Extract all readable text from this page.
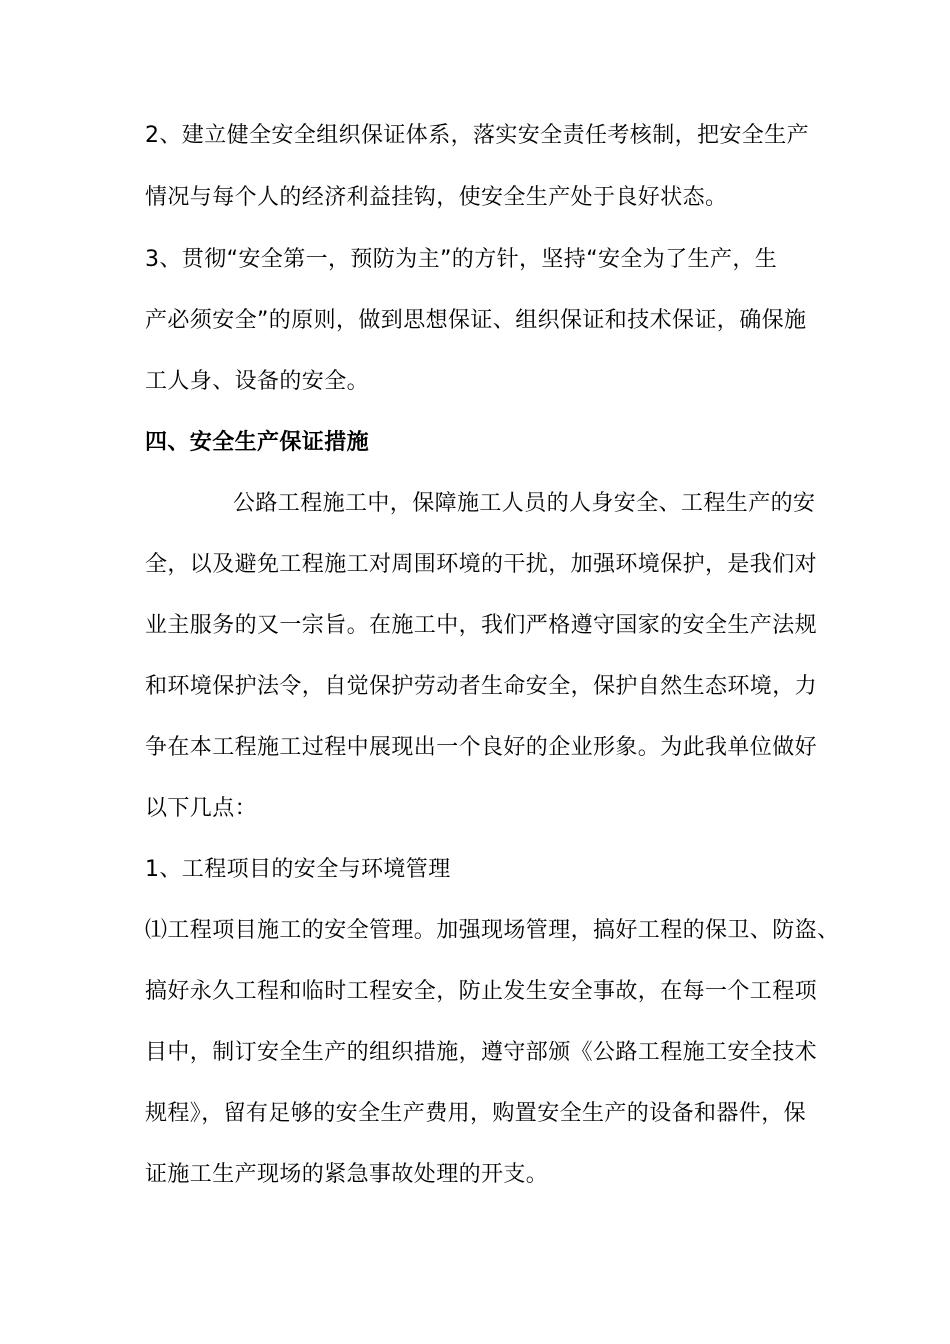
2、建立健全安全组织保证体系，落实安全责任考核制，把安全生产
情况与每个人的经济利益挂钩，使安全生产处于良好状态。
3、贯彻“安全第一，预防为主”的方针，坚持“安全为了生产，生
产必须安全”的原则，做到思想保证、组织保证和技术保证，确保施
工人身、设备的安全。
四、安全生产保证措施
公路工程施工中，保障施工人员的人身安全、工程生产的安
全，以及避免工程施工对周围环境的干扰，加强环境保护，是我们对
业主服务的又一宗旨。在施工中，我们严格遵守国家的安全生产法规
和环境保护法令，自觉保护劳动者生命安全，保护自然生态环境，力
争在本工程施工过程中展现出一个良好的企业形象。为此我单位做好
以下几点：
1、工程项目的安全与环境管理
⑴工程项目施工的安全管理。加强现场管理，搞好工程的保卫、防盗、
搞好永久工程和临时工程安全，防止发生安全事故，在每一个工程项
目中，制订安全生产的组织措施，遵守部颁《公路工程施工安全技术
规程》，留有足够的安全生产费用，购置安全生产的设备和器件，保
证施工生产现场的紧急事故处理的开支。
